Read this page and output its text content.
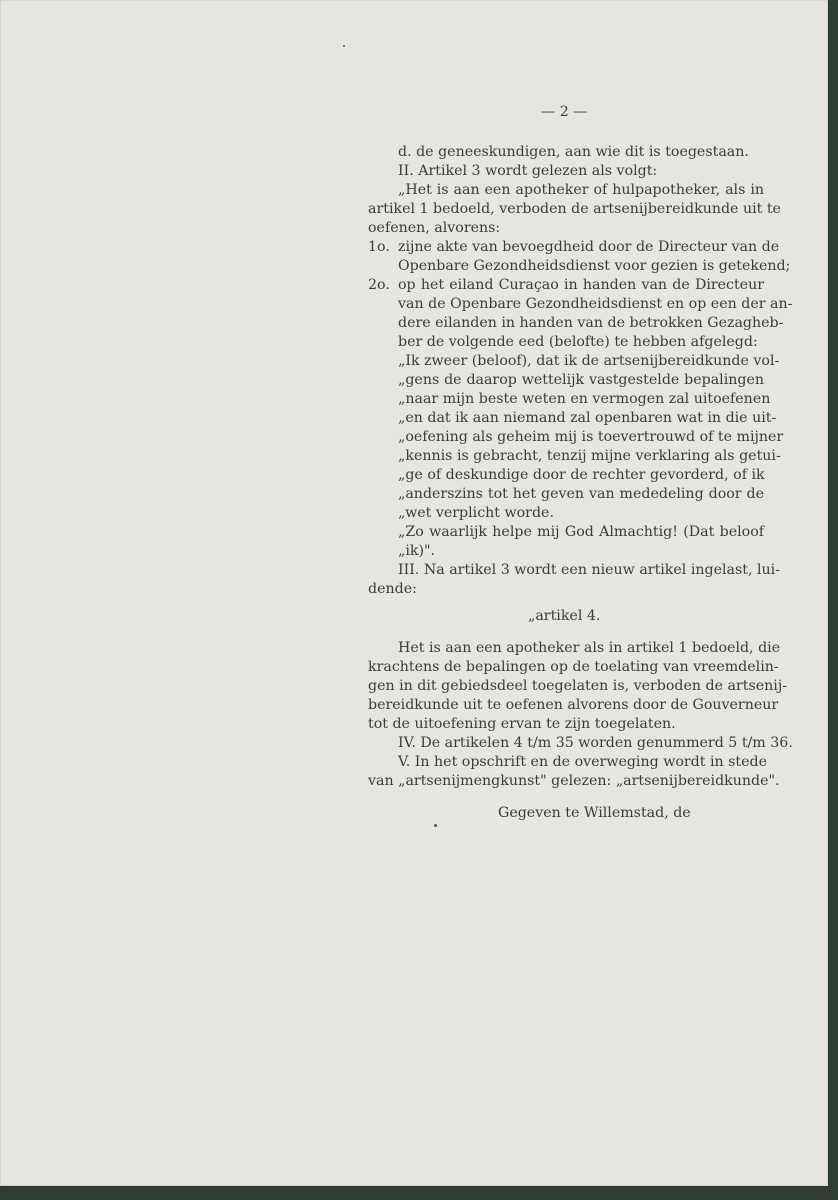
— 2 —
d. de geneeskundigen, aan wie dit is toegestaan.
II. Artikel 3 wordt gelezen als volgt:
„Het is aan een apotheker of hulpapotheker, als in
artikel 1 bedoeld, verboden de artsenijbereidkunde uit te
oefenen, alvorens:
1o. zijne akte van bevoegdheid door de Directeur van de
Openbare Gezondheidsdienst voor gezien is getekend;
2o. op het eiland Curaçao in handen van de Directeur
van de Openbare Gezondheidsdienst en op een der an-
dere eilanden in handen van de betrokken Gezagheb-
ber de volgende eed (belofte) te hebben afgelegd:
„Ik zweer (beloof), dat ik de artsenijbereidkunde vol-
„gens de daarop wettelijk vastgestelde bepalingen
„naar mijn beste weten en vermogen zal uitoefenen
„en dat ik aan niemand zal openbaren wat in die uit-
„oefening als geheim mij is toevertrouwd of te mijner
„kennis is gebracht, tenzij mijne verklaring als getui-
„ge of deskundige door de rechter gevorderd, of ik
„anderszins tot het geven van mededeling door de
„wet verplicht worde.
„Zo waarlijk helpe mij God Almachtig! (Dat beloof
„ik)".
III. Na artikel 3 wordt een nieuw artikel ingelast, lui-
dende:
„artikel 4.
Het is aan een apotheker als in artikel 1 bedoeld, die
krachtens de bepalingen op de toelating van vreemdelin-
gen in dit gebiedsdeel toegelaten is, verboden de artsenij-
bereidkunde uit te oefenen alvorens door de Gouverneur
tot de uitoefening ervan te zijn toegelaten.
IV. De artikelen 4 t/m 35 worden genummerd 5 t/m 36.
V. In het opschrift en de overweging wordt in stede
van „artsenijmengkunst" gelezen: „artsenijbereidkunde".
Gegeven te Willemstad, de
